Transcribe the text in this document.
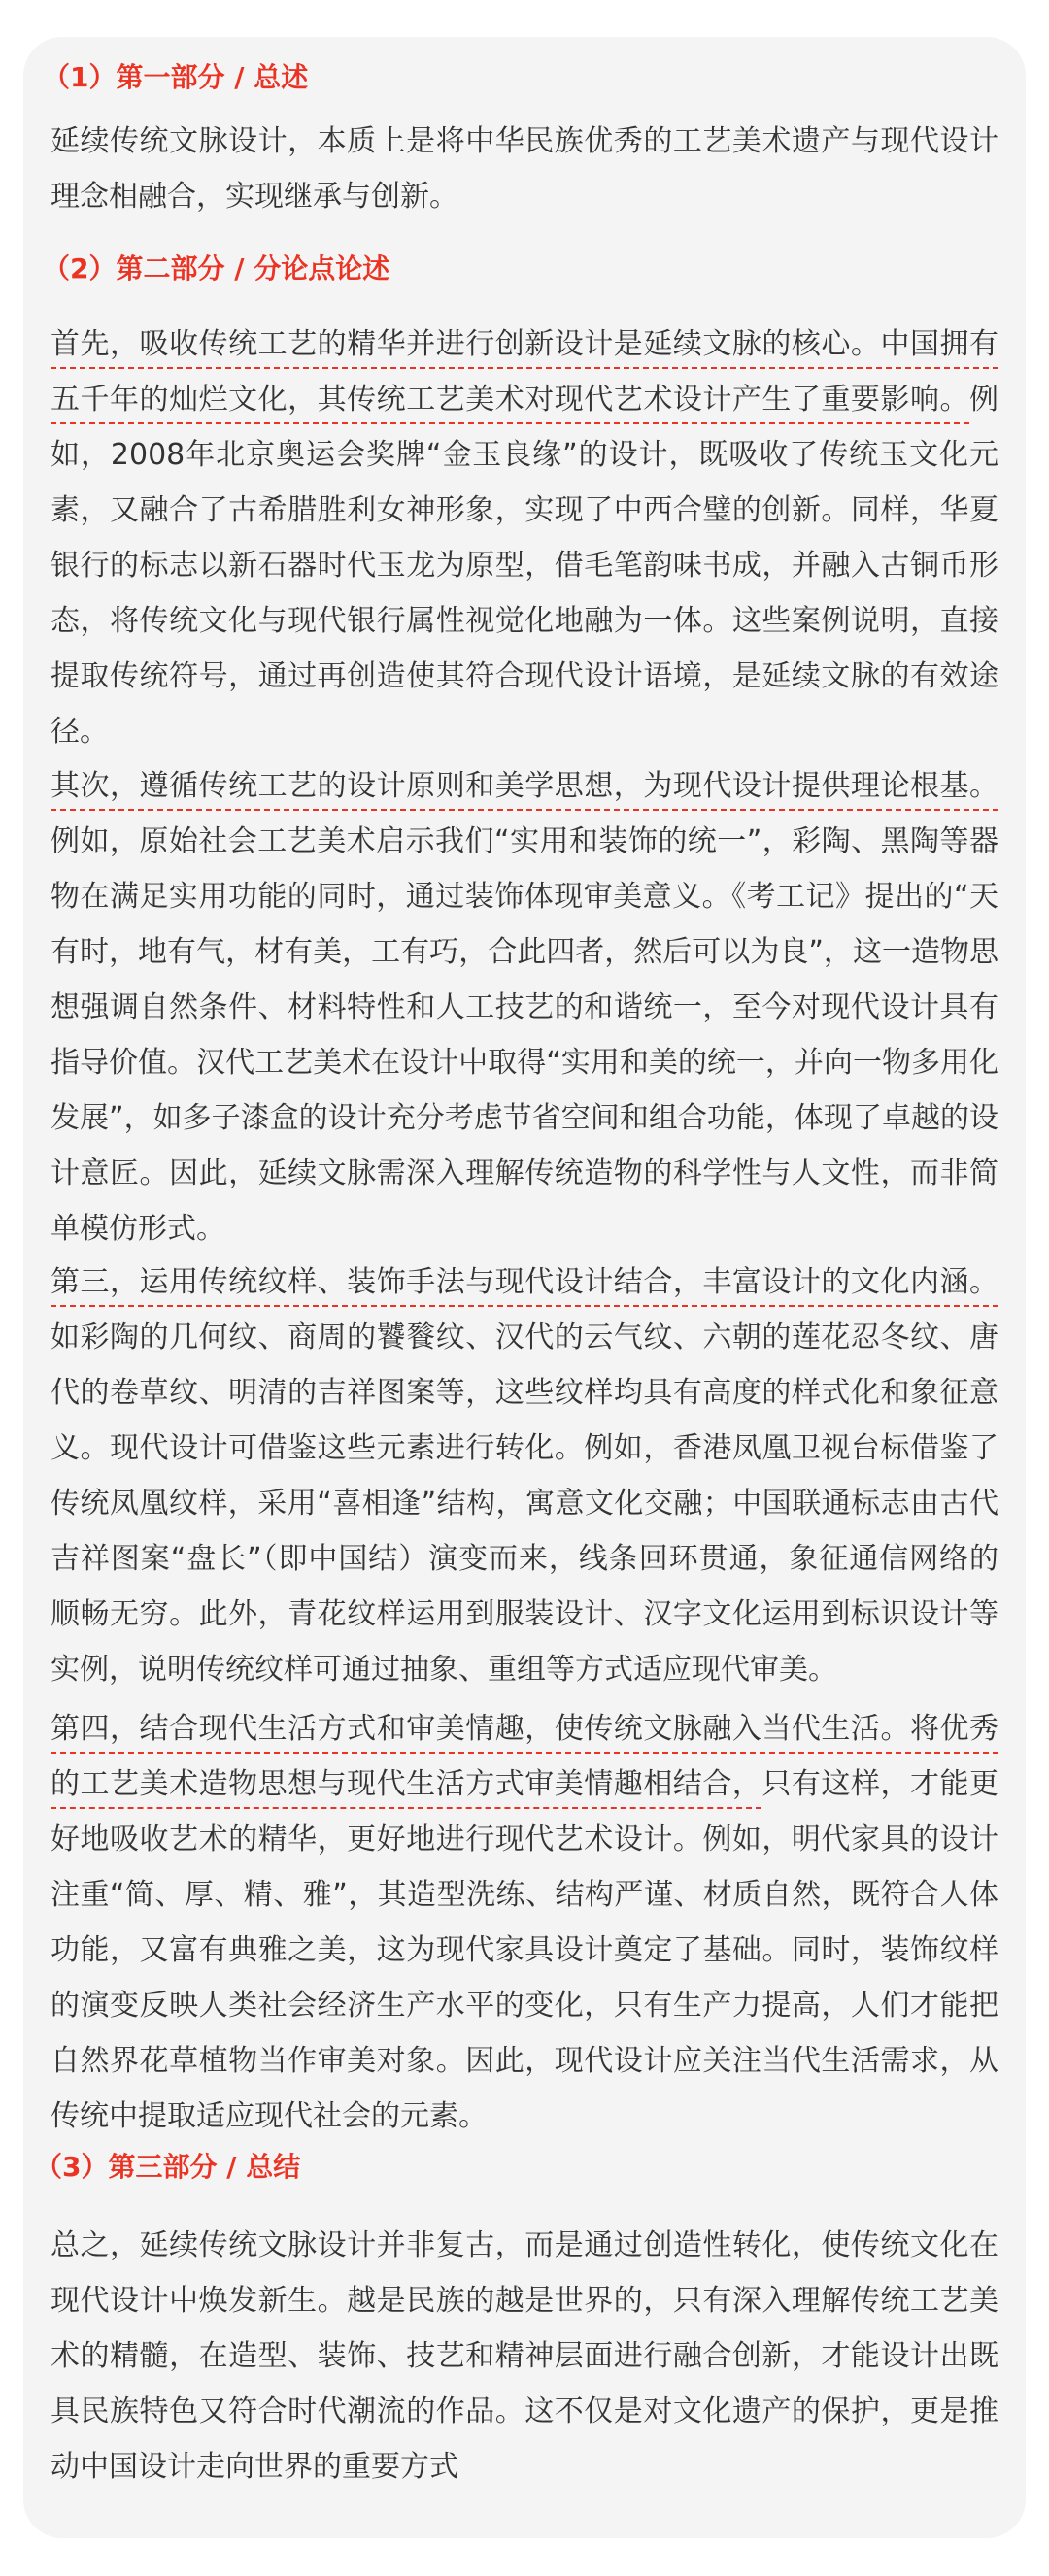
（1）第一部分 / 总述
延续传统文脉设计，本质上是将中华民族优秀的工艺美术遗产与现代设计理念相融合，实现继承与创新。
（2）第二部分 / 分论点论述
首先，吸收传统工艺的精华并进行创新设计是延续文脉的核心。中国拥有五千年的灿烂文化，其传统工艺美术对现代艺术设计产生了重要影响。例如，2008年北京奥运会奖牌“金玉良缘”的设计，既吸收了传统玉文化元素，又融合了古希腊胜利女神形象，实现了中西合璧的创新。同样，华夏银行的标志以新石器时代玉龙为原型，借毛笔韵味书成，并融入古铜币形态，将传统文化与现代银行属性视觉化地融为一体。这些案例说明，直接提取传统符号，通过再创造使其符合现代设计语境，是延续文脉的有效途径。
其次，遵循传统工艺的设计原则和美学思想，为现代设计提供理论根基。例如，原始社会工艺美术启示我们“实用和装饰的统一”，彩陶、黑陶等器物在满足实用功能的同时，通过装饰体现审美意义。《考工记》提出的“天有时，地有气，材有美，工有巧，合此四者，然后可以为良”，这一造物思想强调自然条件、材料特性和人工技艺的和谐统一，至今对现代设计具有指导价值。汉代工艺美术在设计中取得“实用和美的统一，并向一物多用化发展”，如多子漆盒的设计充分考虑节省空间和组合功能，体现了卓越的设计意匠。因此，延续文脉需深入理解传统造物的科学性与人文性，而非简单模仿形式。
第三，运用传统纹样、装饰手法与现代设计结合，丰富设计的文化内涵。如彩陶的几何纹、商周的饕餮纹、汉代的云气纹、六朝的莲花忍冬纹、唐代的卷草纹、明清的吉祥图案等，这些纹样均具有高度的样式化和象征意义。现代设计可借鉴这些元素进行转化。例如，香港凤凰卫视台标借鉴了传统凤凰纹样，采用“喜相逢”结构，寓意文化交融；中国联通标志由古代吉祥图案“盘长”（即中国结）演变而来，线条回环贯通，象征通信网络的顺畅无穷。此外，青花纹样运用到服装设计、汉字文化运用到标识设计等实例，说明传统纹样可通过抽象、重组等方式适应现代审美。
第四，结合现代生活方式和审美情趣，使传统文脉融入当代生活。将优秀的工艺美术造物思想与现代生活方式审美情趣相结合，只有这样，才能更好地吸收艺术的精华，更好地进行现代艺术设计。例如，明代家具的设计注重“简、厚、精、雅”，其造型洗练、结构严谨、材质自然，既符合人体功能，又富有典雅之美，这为现代家具设计奠定了基础。同时，装饰纹样的演变反映人类社会经济生产水平的变化，只有生产力提高，人们才能把自然界花草植物当作审美对象。因此，现代设计应关注当代生活需求，从传统中提取适应现代社会的元素。
（3）第三部分 / 总结
总之，延续传统文脉设计并非复古，而是通过创造性转化，使传统文化在现代设计中焕发新生。越是民族的越是世界的，只有深入理解传统工艺美术的精髓，在造型、装饰、技艺和精神层面进行融合创新，才能设计出既具民族特色又符合时代潮流的作品。这不仅是对文化遗产的保护，更是推动中国设计走向世界的重要方式
